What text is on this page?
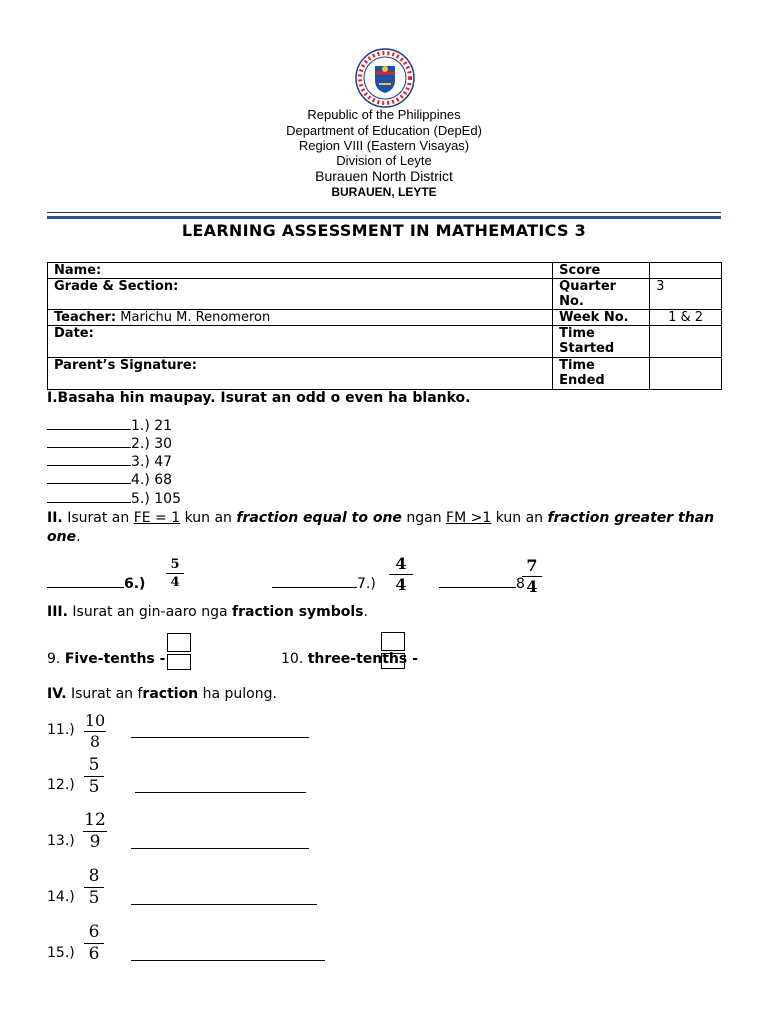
Republic of the Philippines
Department of Education (DepEd)
Region VIII (Eastern Visayas)
Division of Leyte
Burauen North District
BURAUEN, LEYTE
LEARNING ASSESSMENT IN MATHEMATICS 3
Name:	Score	
Grade & Section:	Quarter No.	3
Teacher: Marichu M. Renomeron	Week No.	1 & 2
Date:	Time Started	
Parent’s Signature:	Time Ended	
I.Basaha hin maupay. Isurat an odd o even ha blanko.
1.) 21
2.) 30
3.) 47
4.) 68
5.) 105
II. Isurat an FE = 1 kun an fraction equal to one ngan FM >1 kun an fraction greater than one.
6.)
5
4	7.)
4
4	8
7
4
III. Isurat an gin-aaro nga fraction symbols.
9. Five-tenths -	10. three-tenths -
IV. Isurat an fraction ha pulong.
11.) 10
8
12.)
5
5
13.)
12
9
14.)
8
5
15.)
6
6
